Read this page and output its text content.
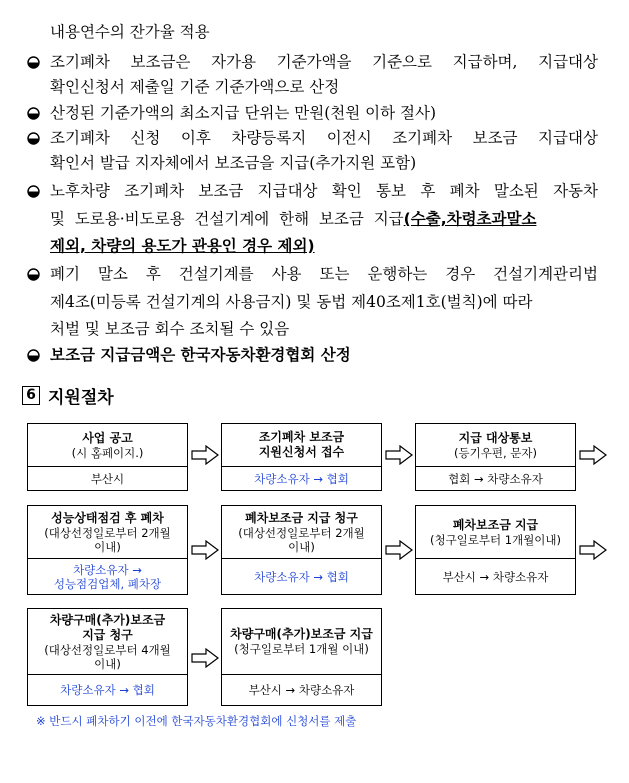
내용연수의 잔가율 적용
조기폐차 보조금은 자가용 기준가액을 기준으로 지급하며, 지급대상
확인신청서 제출일 기준 기준가액으로 산정
산정된 기준가액의 최소지급 단위는 만원(천원 이하 절사)
조기폐차 신청 이후 차량등록지 이전시 조기폐차 보조금 지급대상
확인서 발급 지자체에서 보조금을 지급(추가지원 포함)
노후차량 조기폐차 보조금 지급대상 확인 통보 후 폐차 말소된 자동차
및  도로용·비도로용  건설기계에  한해  보조금  지급(수출,차령초과말소
제외, 차량의 용도가 관용인 경우 제외)
폐기 말소 후 건설기계를 사용 또는 운행하는 경우 건설기계관리법
제4조(미등록 건설기계의 사용금지) 및 동법 제40조제1호(벌칙)에 따라
처벌 및 보조금 회수 조치될 수 있음
보조금 지급금액은 한국자동차환경협회 산정
6 지원절차
사업 공고
(시 홈페이지.)
부산시
조기폐차 보조금
지원신청서 접수
차량소유자 → 협회
지급 대상통보
(등기우편, 문자)
협회 → 차량소유자
성능상태점검 후 폐차
(대상선정일로부터 2개월
이내)
차량소유자 →
성능점검업체, 폐차장
폐차보조금 지급 청구
(대상선정일로부터 2개월
이내)
차량소유자 → 협회
폐차보조금 지급
(청구일로부터 1개월이내)
부산시 → 차량소유자
차량구매(추가)보조금
지급 청구
(대상선정일로부터 4개월
이내)
차량소유자 → 협회
차량구매(추가)보조금 지급
(청구일로부터 1개월 이내)
부산시 → 차량소유자
※ 반드시 폐차하기 이전에 한국자동차환경협회에 신청서를 제출
